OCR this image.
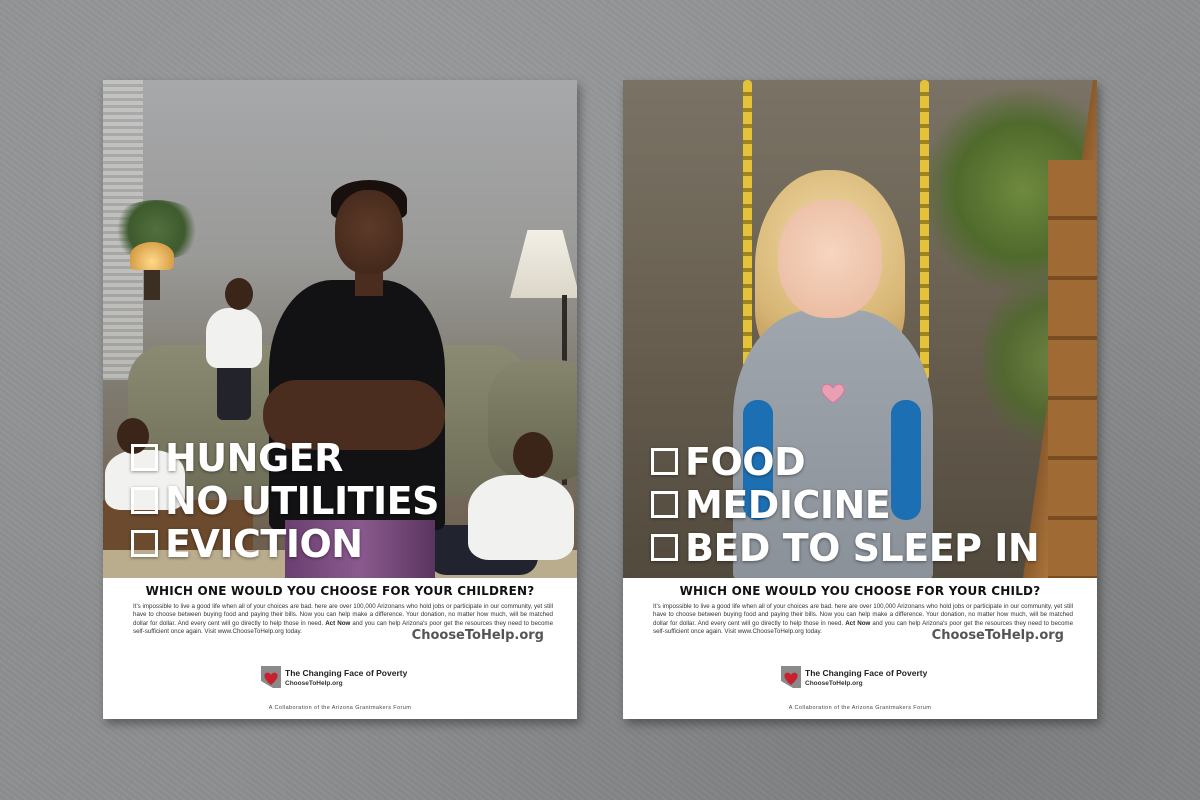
HUNGER
NO UTILITIES
EVICTION
WHICH ONE WOULD YOU CHOOSE FOR YOUR CHILDREN?
It's impossible to live a good life when all of your choices are bad. here are over 100,000 Arizonans who hold jobs or participate in our community, yet still have to choose between buying food and paying their bills. Now you can help make a difference. Your donation, no matter how much, will be matched dollar for dollar. And every cent will go directly to help those in need. Act Now and you can help Arizona's poor get the resources they need to become self-sufficient once again. Visit www.ChooseToHelp.org today.	ChooseToHelp.org
The Changing Face of Poverty
ChooseToHelp.org
A Collaboration of the Arizona Grantmakers Forum
FOOD
MEDICINE
BED TO SLEEP IN
WHICH ONE WOULD YOU CHOOSE FOR YOUR CHILD?
It's impossible to live a good life when all of your choices are bad. here are over 100,000 Arizonans who hold jobs or participate in our community, yet still have to choose between buying food and paying their bills. Now you can help make a difference. Your donation, no matter how much, will be matched dollar for dollar. And every cent will go directly to help those in need. Act Now and you can help Arizona's poor get the resources they need to become self-sufficient once again. Visit www.ChooseToHelp.org today.	ChooseToHelp.org
The Changing Face of Poverty
ChooseToHelp.org
A Collaboration of the Arizona Grantmakers Forum
